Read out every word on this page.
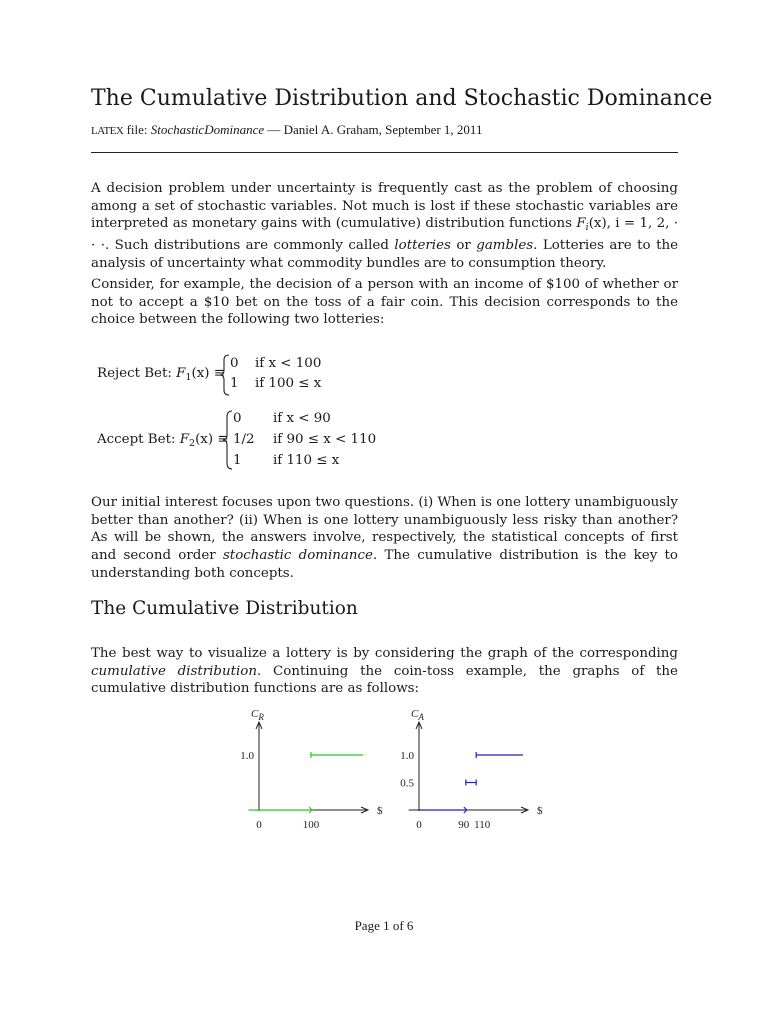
The Cumulative Distribution and Stochastic Dominance
LATEX file: StochasticDominance — Daniel A. Graham, September 1, 2011
A decision problem under uncertainty is frequently cast as the problem of choosing among a set of stochastic variables. Not much is lost if these stochastic variables are interpreted as monetary gains with (cumulative) distribution functions $F_i(x)$, i = 1, 2, · · ·. Such distributions are commonly called lotteries or gambles. Lotteries are to the analysis of uncertainty what commodity bundles are to consumption theory.
Consider, for example, the decision of a person with an income of $100 of whether or not to accept a $10 bet on the toss of a fair coin. This decision corresponds to the choice between the following two lotteries:
Reject Bet: $F_1(x)$ ≡
0 if x < 100
1 if 100 ≤ x
Accept Bet: $F_2(x)$ ≡
0 if x < 90
1/2 if 90 ≤ x < 110
1 if 110 ≤ x
Our initial interest focuses upon two questions. (i) When is one lottery unambiguously better than another? (ii) When is one lottery unambiguously less risky than another? As will be shown, the answers involve, respectively, the statistical concepts of first and second order stochastic dominance. The cumulative distribution is the key to understanding both concepts.
The Cumulative Distribution
The best way to visualize a lottery is by considering the graph of the corresponding cumulative distribution. Continuing the coin-toss example, the graphs of the cumulative distribution functions are as follows:
$C_R$
$
0	100
1.0
$C_A$
$
0	90 110
0.5
1.0
Page 1 of 6
